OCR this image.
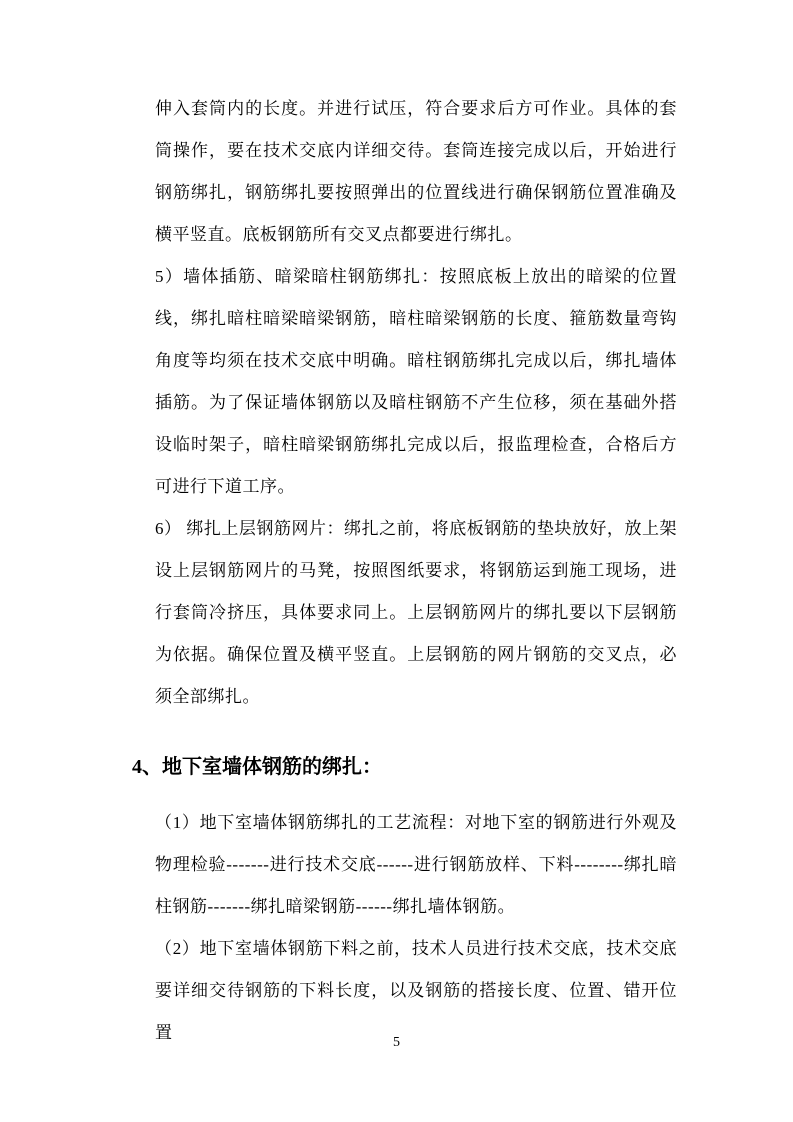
伸入套筒内的长度。并进行试压，符合要求后方可作业。具体的套筒操作，要在技术交底内详细交待。套筒连接完成以后，开始进行钢筋绑扎，钢筋绑扎要按照弹出的位置线进行确保钢筋位置准确及横平竖直。底板钢筋所有交叉点都要进行绑扎。

5）墙体插筋、暗梁暗柱钢筋绑扎：按照底板上放出的暗梁的位置线，绑扎暗柱暗梁暗梁钢筋，暗柱暗梁钢筋的长度、箍筋数量弯钩角度等均须在技术交底中明确。暗柱钢筋绑扎完成以后，绑扎墙体插筋。为了保证墙体钢筋以及暗柱钢筋不产生位移，须在基础外搭设临时架子，暗柱暗梁钢筋绑扎完成以后，报监理检查，合格后方可进行下道工序。

6） 绑扎上层钢筋网片：绑扎之前，将底板钢筋的垫块放好，放上架设上层钢筋网片的马凳，按照图纸要求，将钢筋运到施工现场，进行套筒冷挤压，具体要求同上。上层钢筋网片的绑扎要以下层钢筋为依据。确保位置及横平竖直。上层钢筋的网片钢筋的交叉点，必须全部绑扎。

4、地下室墙体钢筋的绑扎：

（1）地下室墙体钢筋绑扎的工艺流程：对地下室的钢筋进行外观及物理检验-------进行技术交底------进行钢筋放样、下料--------绑扎暗柱钢筋-------绑扎暗梁钢筋------绑扎墙体钢筋。

（2）地下室墙体钢筋下料之前，技术人员进行技术交底，技术交底要详细交待钢筋的下料长度，以及钢筋的搭接长度、位置、错开位置

5
